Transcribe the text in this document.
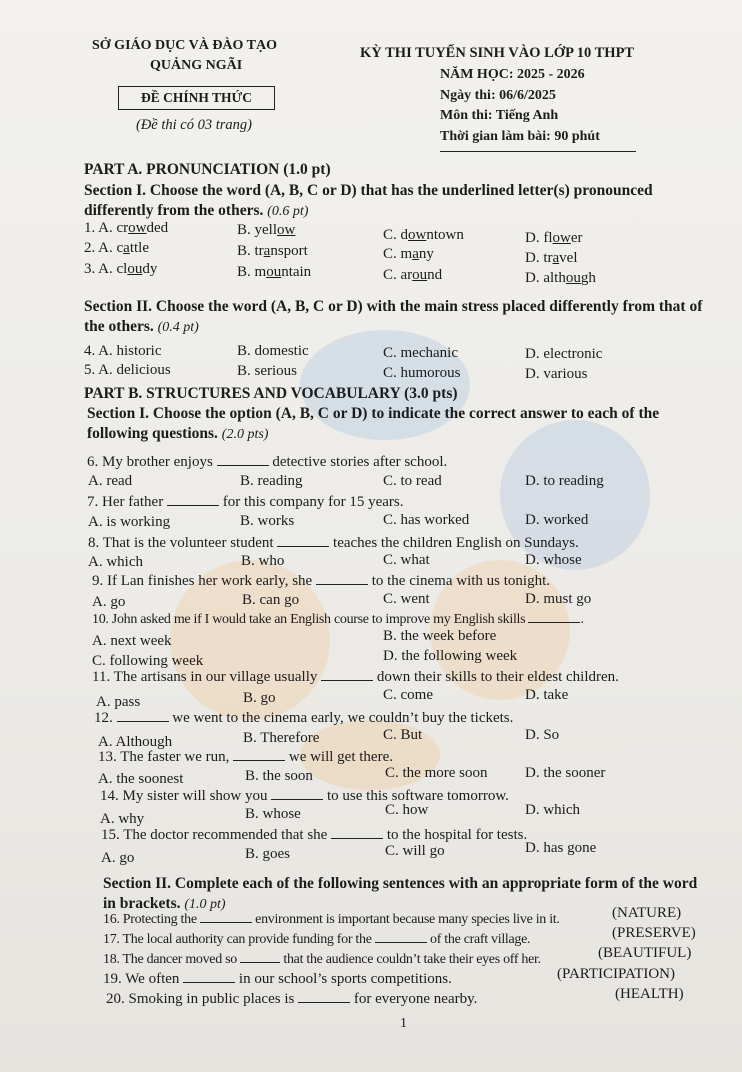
SỞ GIÁO DỤC VÀ ĐÀO TẠO
QUẢNG NGÃI
ĐỀ CHÍNH THỨC
(Đề thi có 03 trang)
KỲ THI TUYỂN SINH VÀO LỚP 10 THPT
NĂM HỌC: 2025 - 2026
Ngày thi: 06/6/2025
Môn thi: Tiếng Anh
Thời gian làm bài: 90 phút
PART A. PRONUNCIATION (1.0 pt)
Section I. Choose the word (A, B, C or D) that has the underlined letter(s) pronounced differently from the others. (0.6 pt)
1. A. crowded	B. yellow	C. downtown	D. flower
2. A. cattle	B. transport	C. many	D. travel
3. A. cloudy	B. mountain	C. around	D. although
Section II. Choose the word (A, B, C or D) with the main stress placed differently from that of the others. (0.4 pt)
4. A. historic	B. domestic	C. mechanic	D. electronic
5. A. delicious	B. serious	C. humorous	D. various
PART B. STRUCTURES AND VOCABULARY (3.0 pts)
Section I. Choose the option (A, B, C or D) to indicate the correct answer to each of the following questions. (2.0 pts)
6. My brother enjoys	detective stories after school.
A. read	B. reading	C. to read	D. to reading
7. Her father	for this company for 15 years.
A. is working	B. works	C. has worked	D. worked
8. That is the volunteer student	teaches the children English on Sundays.
A. which	B. who	C. what	D. whose
9. If Lan finishes her work early, she	to the cinema with us tonight.
A. go	B. can go	C. went	D. must go
10. John asked me if I would take an English course to improve my English skills	.
A. next week	B. the week before
C. following week	D. the following week
11. The artisans in our village usually	down their skills to their eldest children.
A. pass	B. go	C. come	D. take
12.	we went to the cinema early, we couldn’t buy the tickets.
A. Although	B. Therefore	C. But	D. So
13. The faster we run,	we will get there.
A. the soonest	B. the soon	C. the more soon	D. the sooner
14. My sister will show you	to use this software tomorrow.
A. why	B. whose	C. how	D. which
15. The doctor recommended that she	to the hospital for tests.
A. go	B. goes	C. will go	D. has gone
Section II. Complete each of the following sentences with an appropriate form of the word in brackets. (1.0 pt)
16. Protecting the	environment is important because many species live in it.	(NATURE)
17. The local authority can provide funding for the	of the craft village.	(PRESERVE)
18. The dancer moved so	that the audience couldn’t take their eyes off her.	(BEAUTIFUL)
19. We often	in our school’s sports competitions.	(PARTICIPATION)
20. Smoking in public places is	for everyone nearby.	(HEALTH)
1
